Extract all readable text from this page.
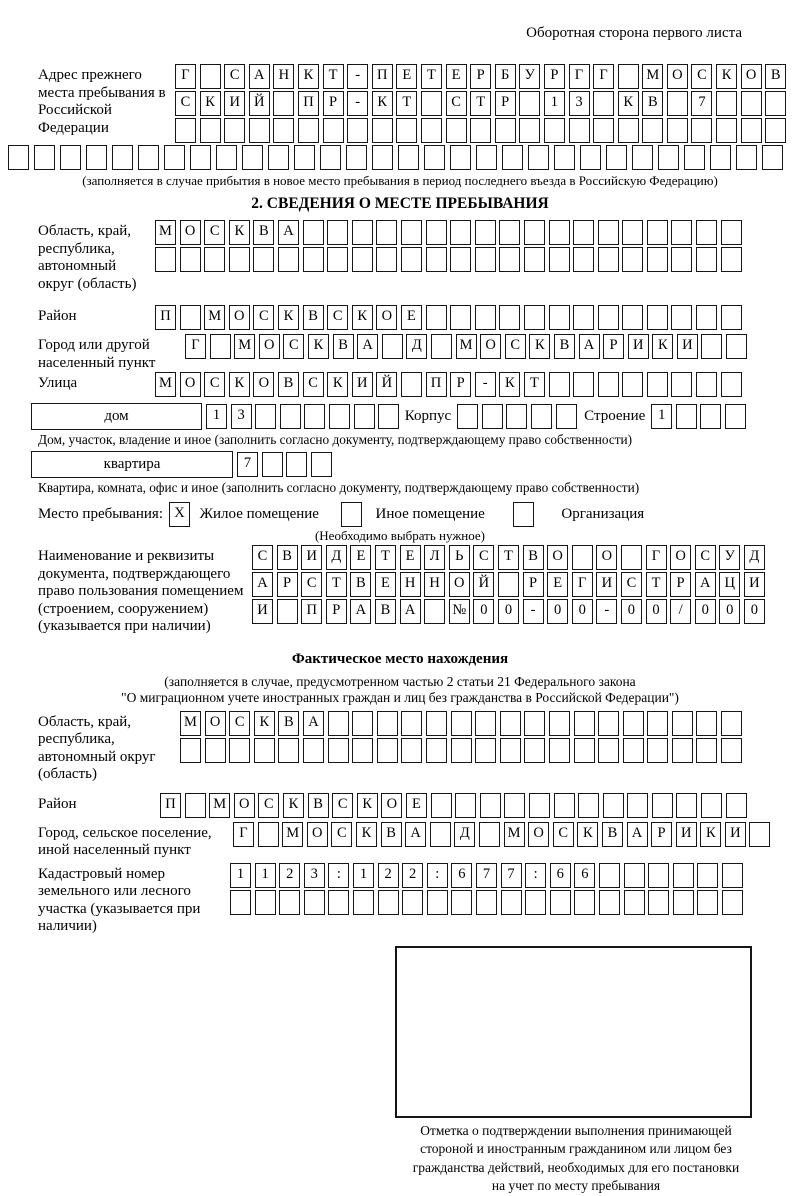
Оборотная сторона первого листа
Адрес прежнего места пребывания в Российской Федерации
Г	С	А Н	К	Т	-	П	Е	Т	Е	Р	Б	У	Р	Г	Г	М О	С	К	О	В
С	К	И Й	П	Р	-	К	Т	С	Т	Р	1	3	К	В	7
(заполняется в случае прибытия в новое место пребывания в период последнего въезда в Российскую Федерацию)
2. СВЕДЕНИЯ О МЕСТЕ ПРЕБЫВАНИЯ
Область, край, республика, автономный округ (область)
М О	С	К	В	А
Район	П	М О	С	К	В	С	К	О	Е
Город или другой населенный пункт
Г	М О	С	К	В	А	Д	М О	С	К	В	А	Р	И	К	И
Улица	М О	С	К	О	В	С	К	И Й	П	Р	-	К	Т
дом	1	3	Корпус	Строение 1
Дом, участок, владение и иное (заполнить согласно документу, подтверждающему право собственности)
квартира	7
Квартира, комната, офис и иное (заполнить согласно документу, подтверждающему право собственности)
Место пребывания: X Жилое помещение	Иное помещение	Организация
(Необходимо выбрать нужное)
Наименование и реквизиты документа, подтверждающего право пользования помещением (строением, сооружением) (указывается при наличии)
С	В	И Д	Е	Т	Е	Л	Ь	С	Т	В	О	О	Г	О	С	У	Д
А	Р	С	Т	В	Е	Н Н О Й	Р	Е	Г	И	С	Т	Р	А Ц И
И	П	Р	А	В	А	№ 0	0	-	0	0	-	0	0	/	0	0	0
Фактическое место нахождения
(заполняется в случае, предусмотренном частью 2 статьи 21 Федерального закона
"О миграционном учете иностранных граждан и лиц без гражданства в Российской Федерации")
Область, край, республика, автономный округ (область)
М О	С	К	В	А
Район	П	М О	С	К	В	С	К	О	Е
Город, сельское поселение, иной населенный пункт
Г	М О	С	К	В	А	Д	М О	С	К	В	А	Р	И	К	И
Кадастровый номер земельного или лесного участка (указывается при наличии)
1	1	2	3	:	1	2	2	:	6	7	7	:	6	6
Отметка о подтверждении выполнения принимающей
стороной и иностранным гражданином или лицом без
гражданства действий, необходимых для его постановки
на учет по месту пребывания
